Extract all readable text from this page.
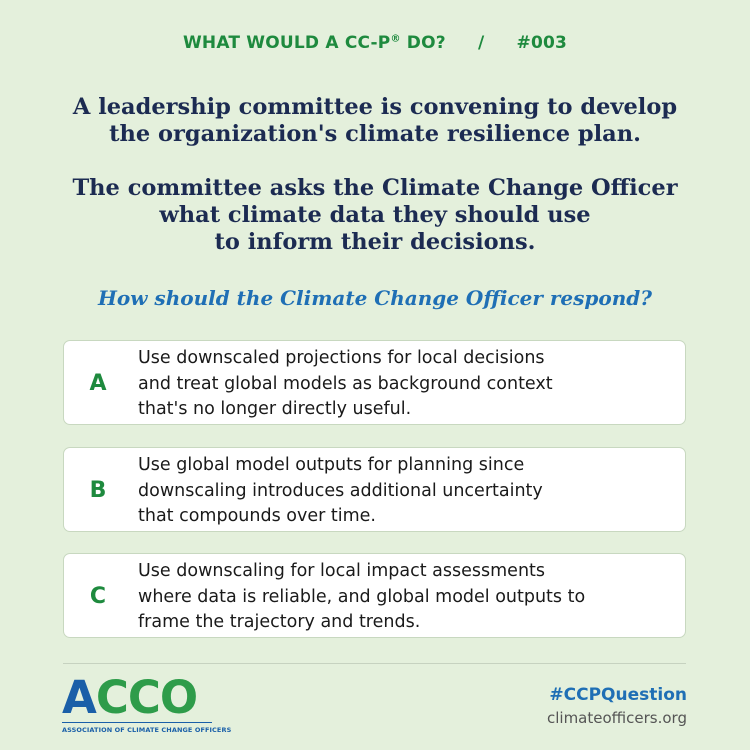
WHAT WOULD A CC-P® DO? / #003
A leadership committee is convening to develop
the organization's climate resilience plan.
The committee asks the Climate Change Officer
what climate data they should use
to inform their decisions.
How should the Climate Change Officer respond?
A
Use downscaled projections for local decisions
and treat global models as background context
that's no longer directly useful.
B
Use global model outputs for planning since
downscaling introduces additional uncertainty
that compounds over time.
C
Use downscaling for local impact assessments
where data is reliable, and global model outputs to
frame the trajectory and trends.
ACCO
ASSOCIATION OF CLIMATE CHANGE OFFICERS
#CCPQuestion
climateofficers.org
